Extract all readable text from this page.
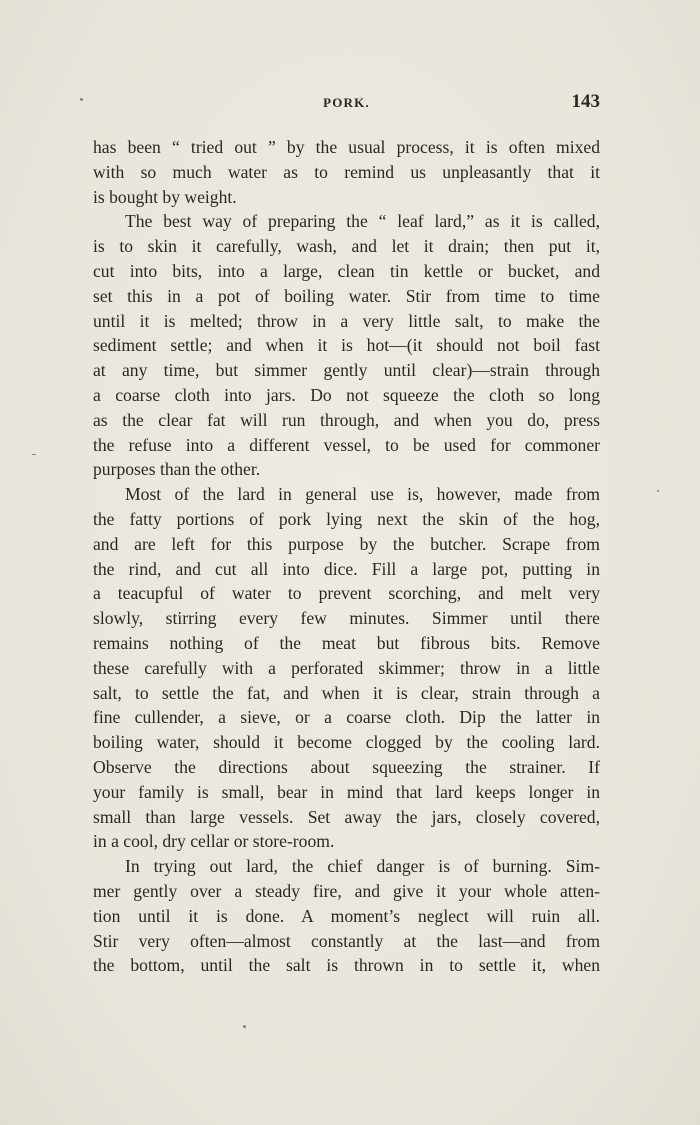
PORK.	143
has been “ tried out ” by the usual process, it is often mixed
with so much water as to remind us unpleasantly that it
is bought by weight.
The best way of preparing the “ leaf lard,” as it is called,
is to skin it carefully, wash, and let it drain; then put it,
cut into bits, into a large, clean tin kettle or bucket, and
set this in a pot of boiling water. Stir from time to time
until it is melted; throw in a very little salt, to make the
sediment settle; and when it is hot—(it should not boil fast
at any time, but simmer gently until clear)—strain through
a coarse cloth into jars. Do not squeeze the cloth so long
as the clear fat will run through, and when you do, press
the refuse into a different vessel, to be used for commoner
purposes than the other.
Most of the lard in general use is, however, made from
the fatty portions of pork lying next the skin of the hog,
and are left for this purpose by the butcher. Scrape from
the rind, and cut all into dice. Fill a large pot, putting in
a teacupful of water to prevent scorching, and melt very
slowly, stirring every few minutes. Simmer until there
remains nothing of the meat but fibrous bits. Remove
these carefully with a perforated skimmer; throw in a little
salt, to settle the fat, and when it is clear, strain through a
fine cullender, a sieve, or a coarse cloth. Dip the latter in
boiling water, should it become clogged by the cooling lard.
Observe the directions about squeezing the strainer. If
your family is small, bear in mind that lard keeps longer in
small than large vessels. Set away the jars, closely covered,
in a cool, dry cellar or store-room.
In trying out lard, the chief danger is of burning. Sim-
mer gently over a steady fire, and give it your whole atten-
tion until it is done. A moment’s neglect will ruin all.
Stir very often—almost constantly at the last—and from
the bottom, until the salt is thrown in to settle it, when
